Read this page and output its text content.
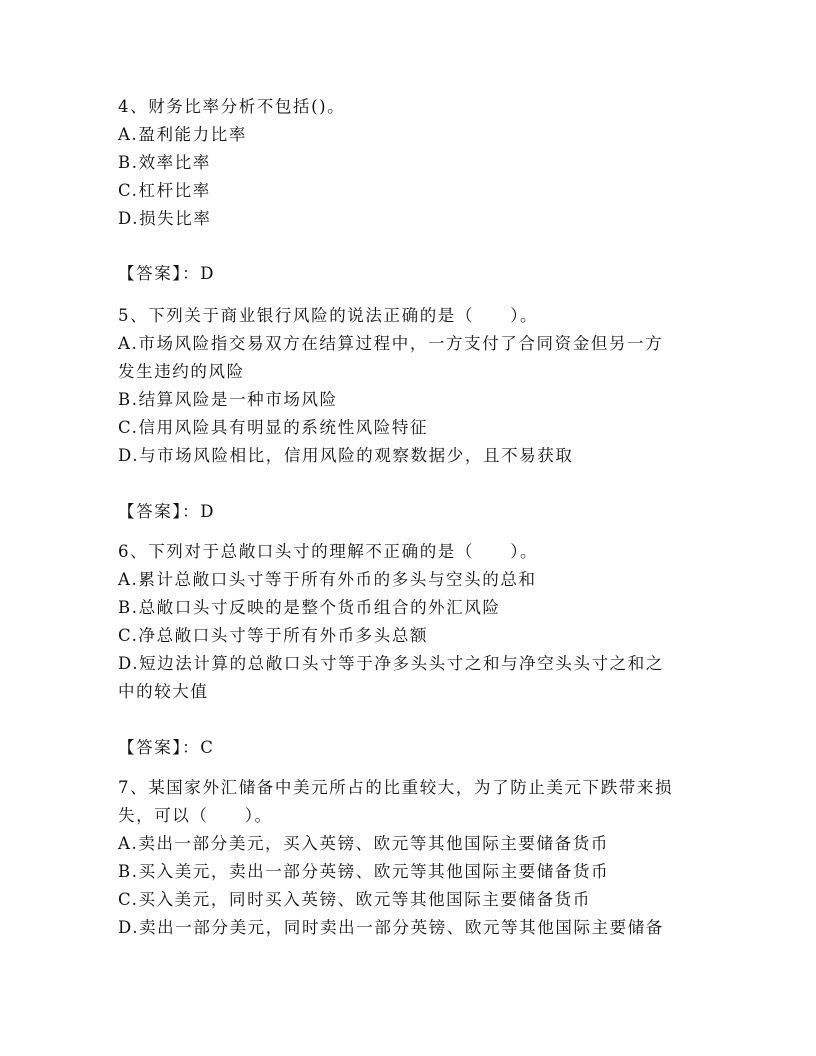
4、财务比率分析不包括()。
A.盈利能力比率
B.效率比率
C.杠杆比率
D.损失比率
【答案】：D
5、下列关于商业银行风险的说法正确的是（　　）。
A.市场风险指交易双方在结算过程中，一方支付了合同资金但另一方
发生违约的风险
B.结算风险是一种市场风险
C.信用风险具有明显的系统性风险特征
D.与市场风险相比，信用风险的观察数据少，且不易获取
【答案】：D
6、下列对于总敞口头寸的理解不正确的是（　　）。
A.累计总敞口头寸等于所有外币的多头与空头的总和
B.总敞口头寸反映的是整个货币组合的外汇风险
C.净总敞口头寸等于所有外币多头总额
D.短边法计算的总敞口头寸等于净多头头寸之和与净空头头寸之和之
中的较大值
【答案】：C
7、某国家外汇储备中美元所占的比重较大，为了防止美元下跌带来损
失，可以（　　）。
A.卖出一部分美元，买入英镑、欧元等其他国际主要储备货币
B.买入美元，卖出一部分英镑、欧元等其他国际主要储备货币
C.买入美元，同时买入英镑、欧元等其他国际主要储备货币
D.卖出一部分美元，同时卖出一部分英镑、欧元等其他国际主要储备
